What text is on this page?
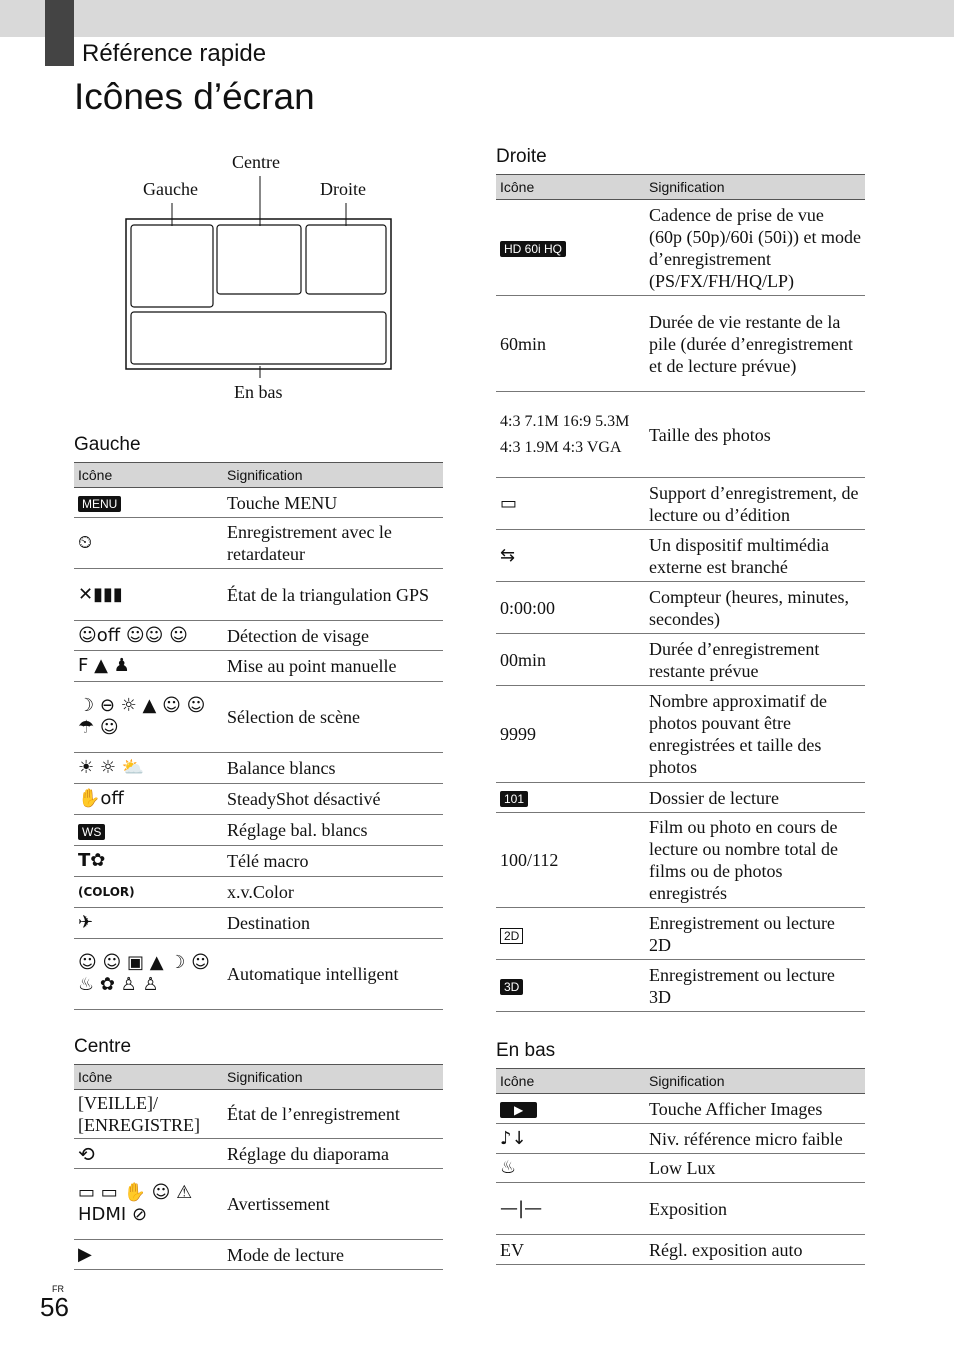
Référence rapide
Icônes d’écran
Centre
Gauche	Droite
En bas
Gauche
Icône	Signification
MENU	Touche MENU
⏲	Enregistrement avec le retardateur
✕▮▮▮	État de la triangulation GPS
☺off ☺☺ ☺	Détection de visage
F ▲ ♟	Mise au point manuelle
☽ ⊖ ☼ ▲ ☺ ☺ ☂ ☺	Sélection de scène
☀ ☼ ⛅	Balance blancs
✋off	SteadyShot désactivé
WS	Réglage bal. blancs
T✿	Télé macro
(COLOR)	x.v.Color
✈	Destination
☺ ☺ ▣ ▲ ☽ ☺ ♨ ✿ ♙ ♙	Automatique intelligent
Centre
Icône	Signification
[VEILLE]/ [ENREGISTRE]	État de l’enregistrement
⟲	Réglage du diaporama
▭ ▭ ✋ ☺ ⚠ HDMI ⊘	Avertissement
▶	Mode de lecture
Droite
Icône	Signification
HD 60i HQ	Cadence de prise de vue (60p (50p)/60i (50i)) et mode d’enregistrement (PS/FX/FH/HQ/LP)
60min	Durée de vie restante de la pile (durée d’enregistrement et de lecture prévue)
4:3 7.1M 16:9 5.3M 4:3 1.9M 4:3 VGA	Taille des photos
▭	Support d’enregistrement, de lecture ou d’édition
⇆	Un dispositif multimédia externe est branché
0:00:00	Compteur (heures, minutes, secondes)
00min	Durée d’enregistrement restante prévue
9999	Nombre approximatif de photos pouvant être enregistrées et taille des photos
101	Dossier de lecture
100/112	Film ou photo en cours de lecture ou nombre total de films ou de photos enregistrés
2D	Enregistrement ou lecture 2D
3D	Enregistrement ou lecture 3D
En bas
Icône	Signification
▶	Touche Afficher Images
♪↓	Niv. référence micro faible
♨	Low Lux
—|—	Exposition
EV	Régl. exposition auto
FR
56
